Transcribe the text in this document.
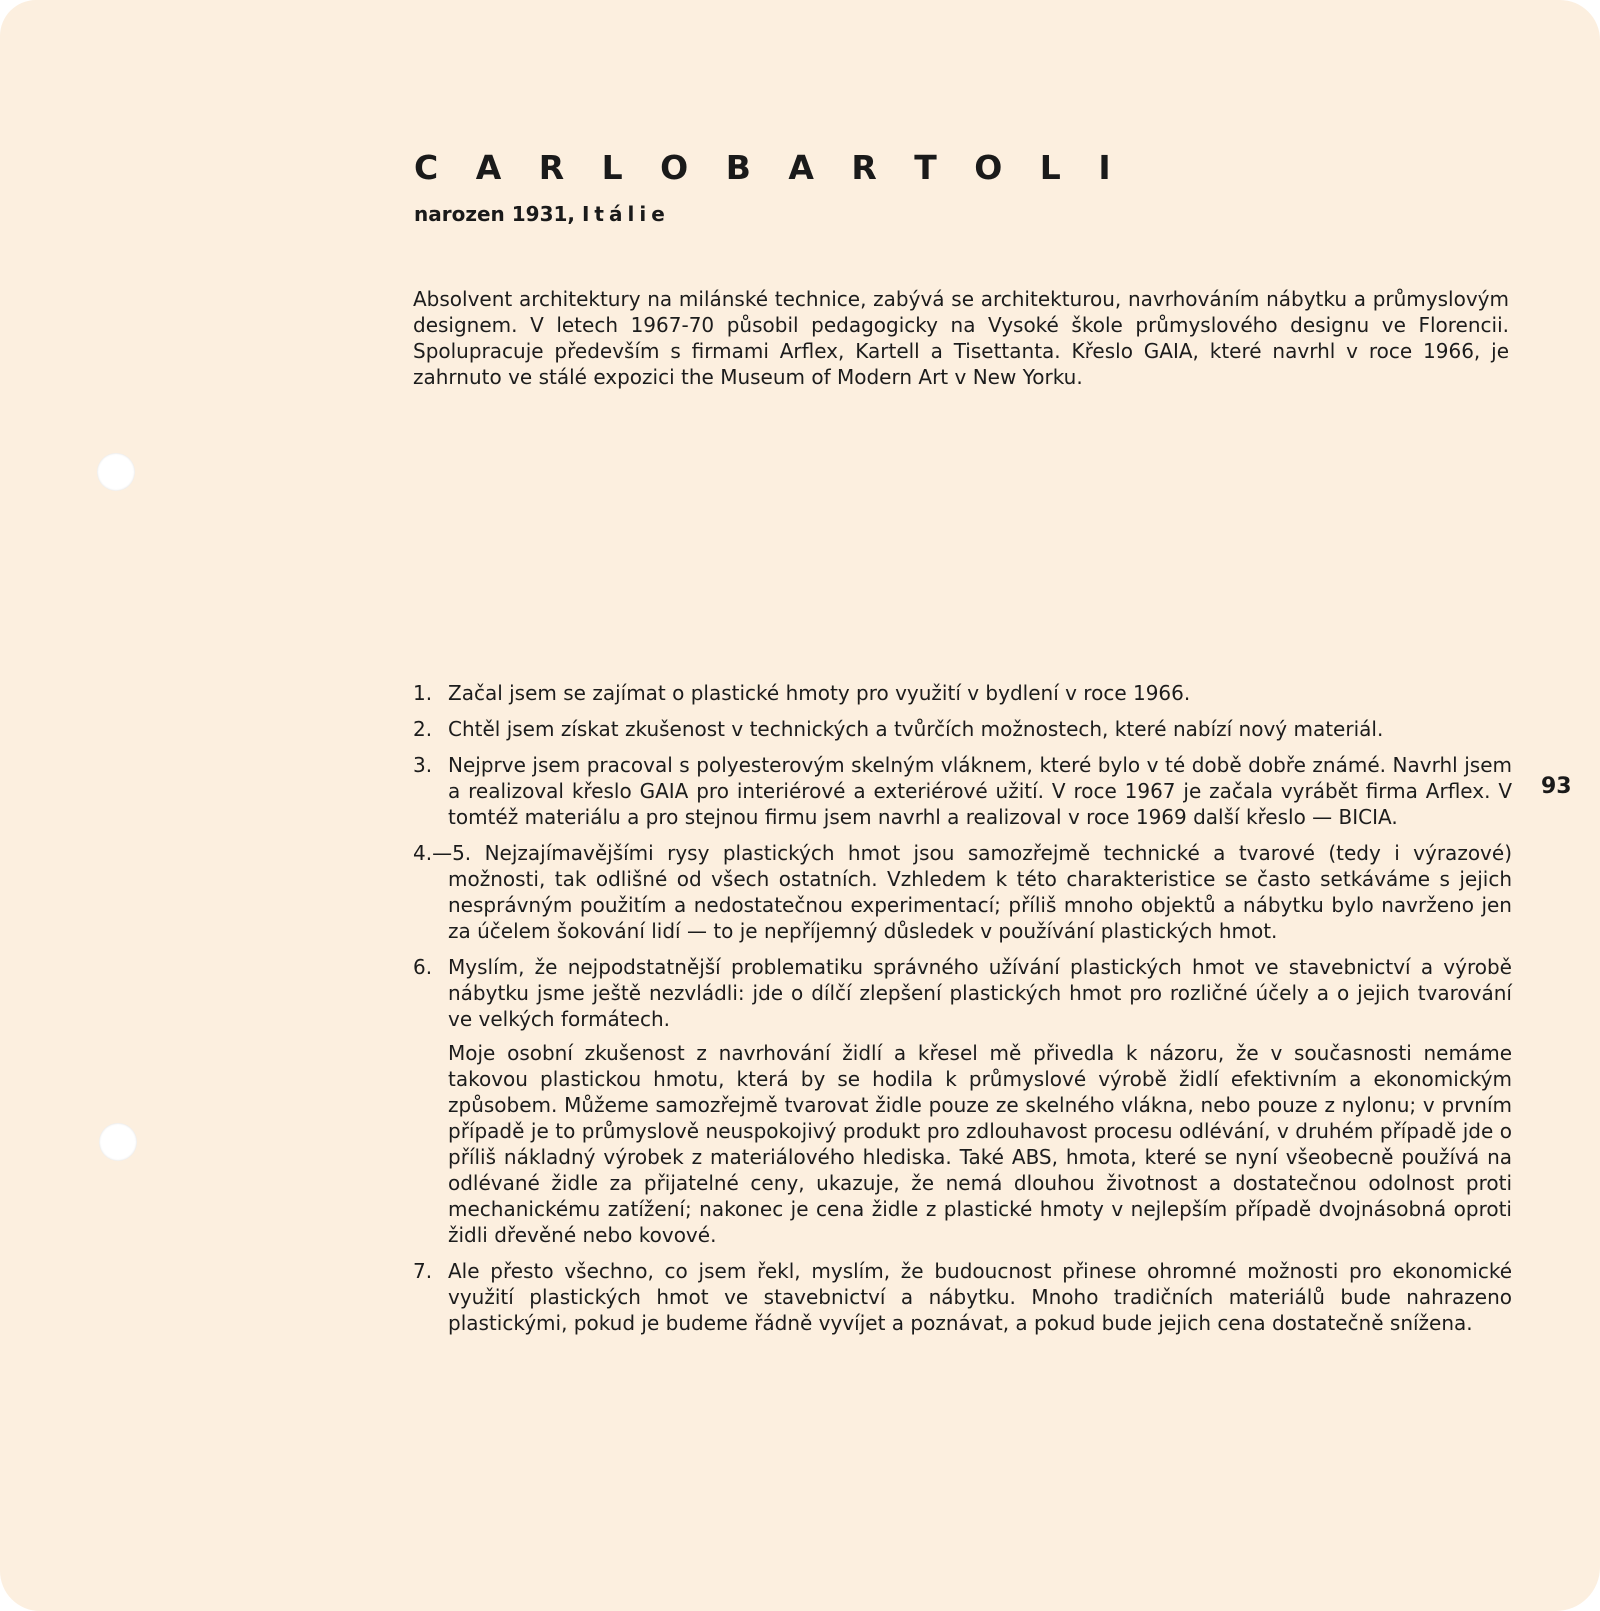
C A R L O B A R T O L I
narozen 1931, Itálie

Absolvent architektury na milánské technice, zabývá se architekturou, navrhováním nábytku a průmyslovým designem. V letech 1967-70 působil pedagogicky na Vysoké škole průmyslového designu ve Florencii. Spolupracuje především s firmami Arflex, Kartell a Tisettanta. Křeslo GAIA, které navrhl v roce 1966, je zahrnuto ve stálé expozici the Museum of Modern Art v New Yorku.

1. Začal jsem se zajímat o plastické hmoty pro využití v bydlení v roce 1966.

2. Chtěl jsem získat zkušenost v technických a tvůrčích možnostech, které nabízí nový materiál.

3. Nejprve jsem pracoval s polyesterovým skelným vláknem, které bylo v té době dobře známé. Navrhl jsem a realizoval křeslo GAIA pro interiérové a exteriérové užití. V roce 1967 je začala vyrábět firma Arflex. V tomtéž materiálu a pro stejnou firmu jsem navrhl a realizoval v roce 1969 další křeslo — BICIA.

4.—5. Nejzajímavějšími rysy plastických hmot jsou samozřejmě technické a tvarové (tedy i výrazové) možnosti, tak odlišné od všech ostatních. Vzhledem k této charakteristice se často setkáváme s jejich nesprávným použitím a nedostatečnou experimentací; příliš mnoho objektů a nábytku bylo navrženo jen za účelem šokování lidí — to je nepříjemný důsledek v používání plastických hmot.

6. Myslím, že nejpodstatnější problematiku správného užívání plastických hmot ve stavebnictví a výrobě nábytku jsme ještě nezvládli: jde o dílčí zlepšení plastických hmot pro rozličné účely a o jejich tvarování ve velkých formátech.

Moje osobní zkušenost z navrhování židlí a křesel mě přivedla k názoru, že v současnosti nemáme takovou plastickou hmotu, která by se hodila k průmyslové výrobě židlí efektivním a ekonomickým způsobem. Můžeme samozřejmě tvarovat židle pouze ze skelného vlákna, nebo pouze z nylonu; v prvním případě je to průmyslově neuspokojivý produkt pro zdlouhavost procesu odlévání, v druhém případě jde o příliš nákladný výrobek z materiálového hlediska. Také ABS, hmota, které se nyní všeobecně používá na odlévané židle za přijatelné ceny, ukazuje, že nemá dlouhou životnost a dostatečnou odolnost proti mechanickému zatížení; nakonec je cena židle z plastické hmoty v nejlepším případě dvojnásobná oproti židli dřevěné nebo kovové.

7. Ale přesto všechno, co jsem řekl, myslím, že budoucnost přinese ohromné možnosti pro ekonomické využití plastických hmot ve stavebnictví a nábytku. Mnoho tradičních materiálů bude nahrazeno plastickými, pokud je budeme řádně vyvíjet a poznávat, a pokud bude jejich cena dostatečně snížena.

93
